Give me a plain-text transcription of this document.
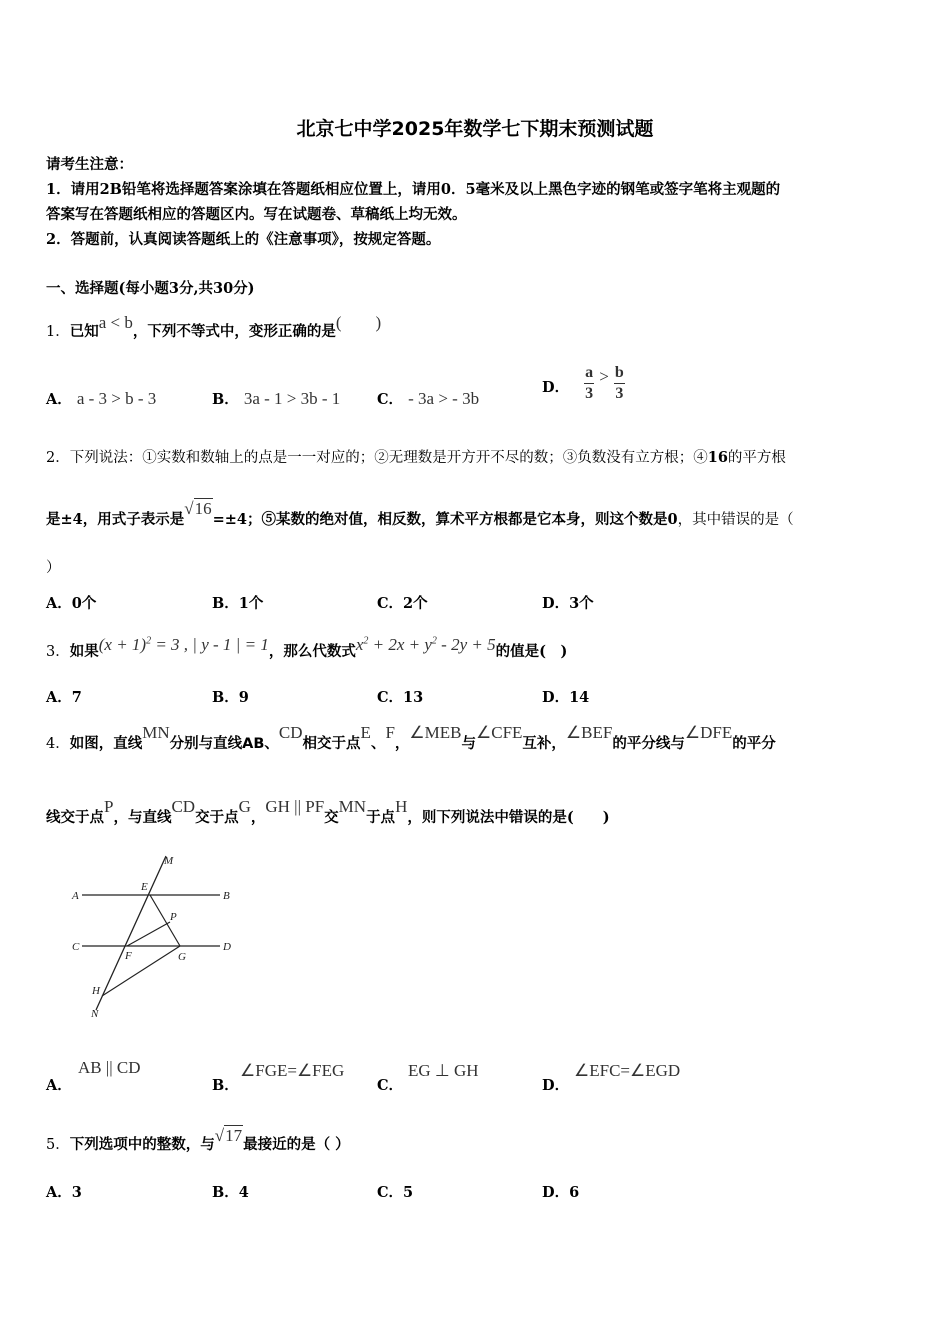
北京七中学2025年数学七下期末预测试题
请考生注意：
1．请用2B铅笔将选择题答案涂填在答题纸相应位置上，请用0．5毫米及以上黑色字迹的钢笔或签字笔将主观题的
答案写在答题纸相应的答题区内。写在试题卷、草稿纸上均无效。
2．答题前，认真阅读答题纸上的《注意事项》，按规定答题。
一、选择题(每小题3分,共30分)
1．已知a < b，下列不等式中，变形正确的是(　　)
A． a - 3 > b - 3	B． 3a - 1 > 3b - 1	C． - 3a > - 3b
D． $\frac{a}{3} > \frac{b}{3}$
2．下列说法：①实数和数轴上的点是一一对应的；②无理数是开方开不尽的数；③负数没有立方根；④16的平方根
是±4，用式子表示是√16=±4；⑤某数的绝对值，相反数，算术平方根都是它本身，则这个数是0，其中错误的是（
）
A．0个	B．1个	C．2个	D．3个
3．如果$(x + 1)^2 = 3$ , | y - 1 | = 1，那么代数式$x^2 + 2x + y^2 - 2y + 5$的值是(　)
A．7	B．9	C．13	D．14
4．如图，直线MN分别与直线AB、CD相交于点E、F，∠MEB与∠CFE互补，∠BEF的平分线与∠DFE的平分
线交于点P，与直线CD交于点G，GH || PF交MN于点H，则下列说法中错误的是(　　)
A	B
C	D
E
F	G
P
M
N
H
A．
AB || CD
B．
∠FGE=∠FEG
C．
EG ⊥ GH
D．
∠EFC=∠EGD
5．下列选项中的整数，与√17最接近的是（ ）
A．3	B．4	C．5	D．6
